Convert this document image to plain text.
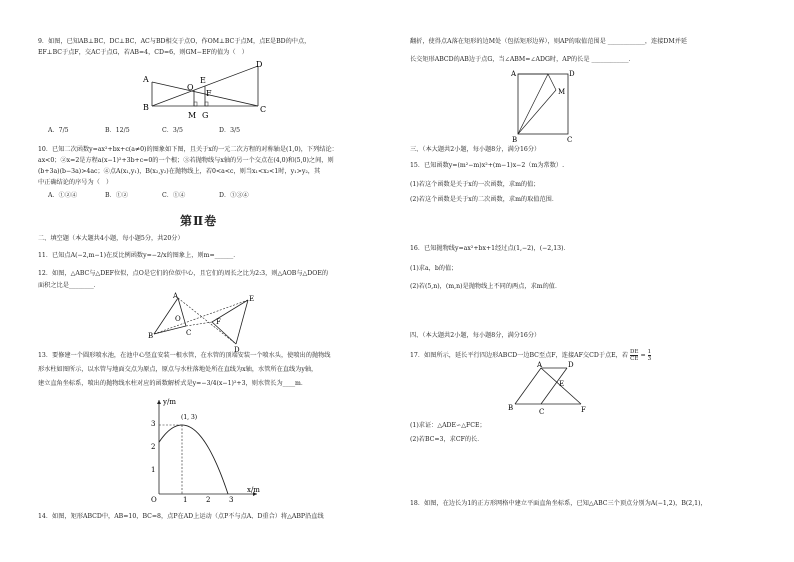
9．如图，已知AB⊥BC，DC⊥BC，AC与BD相交于点O，作OM⊥BC于点M，点E是BD的中点，
EF⊥BC于点F，交AC于点G，若AB=4，CD=6，则GM−EF的值为（　）
A
B	C
D
O
E
F
M G
A．7/5	B．12/5	C．3/5	D．3/5
10．已知二次函数y=ax²+bx+c(a≠0)的图象如下图，且关于x的一元二次方程的对称轴是(1,0)，下列结论：
ax<0；②x=2是方程a(x−1)²+3b+c=0的一个根；③若抛物线与x轴的另一个交点在(4,0)和(5,0)之间，则
(b+3a)(b−3a)>4ac；④点A(x₁,y₁)，B(x₂,y₂)在抛物线上，若0<a<c，则当x₁<x₂<1时，y₁>y₂，其
中正确结论的序号为（　）
A．①②④	B．①②	C．①④	D．①③④
第Ⅱ卷
二、填空题（本大题共4小题，每小题5分，共20分）
11．已知点A(−2,m−1)在反比例函数y=−2/x的图象上，则m=______．
12．如图，△ABC与△DEF位似，点O是它们的位似中心，且它们的周长之比为2:3，则△AOB与△DOE的
面积之比是________．
A
B	C
O
E
F
D
13．要修建一个圆形喷水池，在池中心竖直安装一根水管，在水管的顶端安装一个喷水头，使喷出的抛物线
形水柱如图所示，以水管与地面交点为原点，原点与水柱落地处所在直线为x轴，水管所在直线为y轴，
建立直角坐标系，喷出的抛物线水柱对应的函数解析式是y=−3/4(x−1)²+3，则水管长为____m．
y/m
x/m
(1, 3)
O
1
2
3
1	2	3
14．如图，矩形ABCD中，AB=10，BC=8，点P在AD上运动（点P不与点A、D重合）将△ABP沿直线
翻折，使得点A落在矩形的边M处（包括矩形边界），则AP的取值范围是 ____________，连接DM并延
长交矩形ABCD的AB边于点G，当∠ABM=∠ADG时，AP的长是 ____________．
A	D
M
B	C
三、（本大题共2小题，每小题8分，满分16分）
15．已知函数y=(m²−m)x²+(m−1)x−2（m为常数）.
(1)若这个函数是关于x的一次函数，求m的值；
(2)若这个函数是关于x的二次函数，求m的取值范围．
16．已知抛物线y=ax²+bx+1经过点(1,−2)，(−2,13)．
(1)求a，b的值；
(2)若(5,n)，(m,n)是抛物线上不同的两点，求m的值．
四、（本大题共2小题，每小题8分，满分16分）
17．如图所示，延长平行四边形ABCD一边BC至点F，连接AF交CD于点E，若 $\frac{DE}{CE} = \frac{1}{3}$
A	D
E
B	C	F
(1)求证：△ADE∽△FCE；
(2)若BC=3，求CF的长．
18．如图，在边长为1的正方形网格中建立平面直角坐标系，已知△ABC三个顶点分别为A(−1,2)，B(2,1)，
